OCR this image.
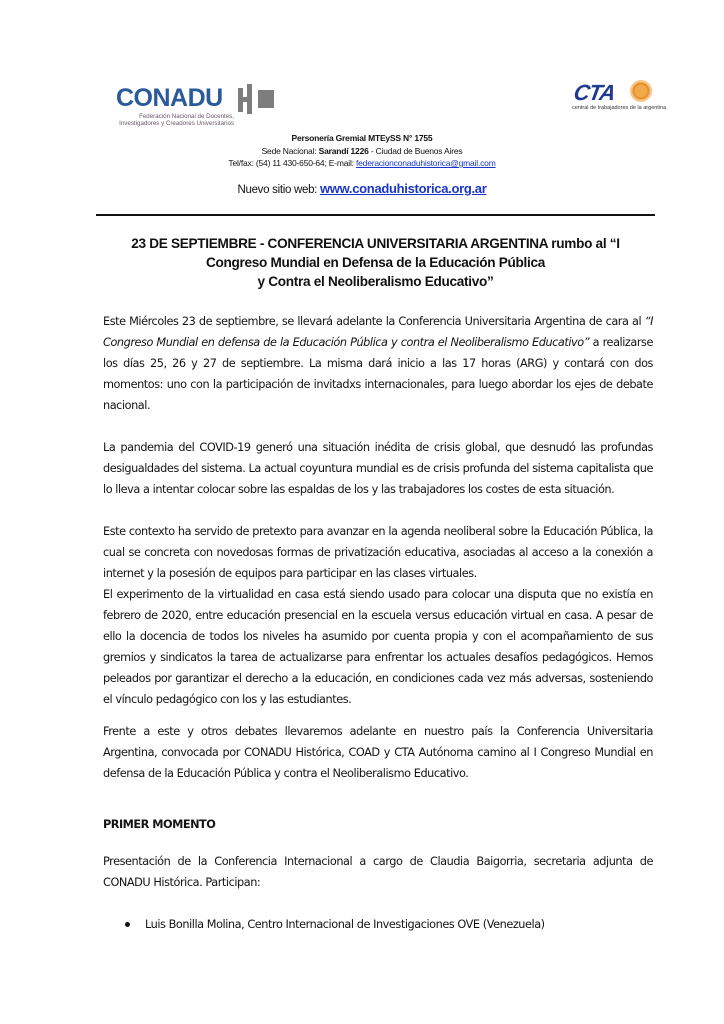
CONADU
Federación Nacional de Docentes,
Investigadores y Creadores Universitarios
CTA
central de trabajadores de la argentina
Personería Gremial MTEySS N° 1755
Sede Nacional: Sarandí 1226 - Ciudad de Buenos Aires
Tel/fax: (54) 11 430-650-64; E-mail: federacionconaduhistorica@gmail.com
Nuevo sitio web: www.conaduhistorica.org.ar
23 DE SEPTIEMBRE - CONFERENCIA UNIVERSITARIA ARGENTINA rumbo al “I
Congreso Mundial en Defensa de la Educación Pública
y Contra el Neoliberalismo Educativo”
Este Miércoles 23 de septiembre, se llevará adelante la Conferencia Universitaria Argentina de cara al “I Congreso Mundial en defensa de la Educación Pública y contra el Neoliberalismo Educativo” a realizarse los días 25, 26 y 27 de septiembre. La misma dará inicio a las 17 horas (ARG) y contará con dos momentos: uno con la participación de invitadxs internacionales, para luego abordar los ejes de debate nacional.
La pandemia del COVID-19 generó una situación inédita de crisis global, que desnudó las profundas desigualdades del sistema. La actual coyuntura mundial es de crisis profunda del sistema capitalista que lo lleva a intentar colocar sobre las espaldas de los y las trabajadores los costes de esta situación.
Este contexto ha servido de pretexto para avanzar en la agenda neoliberal sobre la Educación Pública, la cual se concreta con novedosas formas de privatización educativa, asociadas al acceso a la conexión a internet y la posesión de equipos para participar en las clases virtuales.
El experimento de la virtualidad en casa está siendo usado para colocar una disputa que no existía en febrero de 2020, entre educación presencial en la escuela versus educación virtual en casa. A pesar de ello la docencia de todos los niveles ha asumido por cuenta propia y con el acompañamiento de sus gremios y sindicatos la tarea de actualizarse para enfrentar los actuales desafíos pedagógicos. Hemos peleados por garantizar el derecho a la educación, en condiciones cada vez más adversas, sosteniendo el vínculo pedagógico con los y las estudiantes.
Frente a este y otros debates llevaremos adelante en nuestro país la Conferencia Universitaria Argentina, convocada por CONADU Histórica, COAD y CTA Autónoma camino al I Congreso Mundial en defensa de la Educación Pública y contra el Neoliberalismo Educativo.
PRIMER MOMENTO
Presentación de la Conferencia Internacional a cargo de Claudia Baigorria, secretaria adjunta de CONADU Histórica. Participan:
Luis Bonilla Molina, Centro Internacional de Investigaciones OVE (Venezuela)
